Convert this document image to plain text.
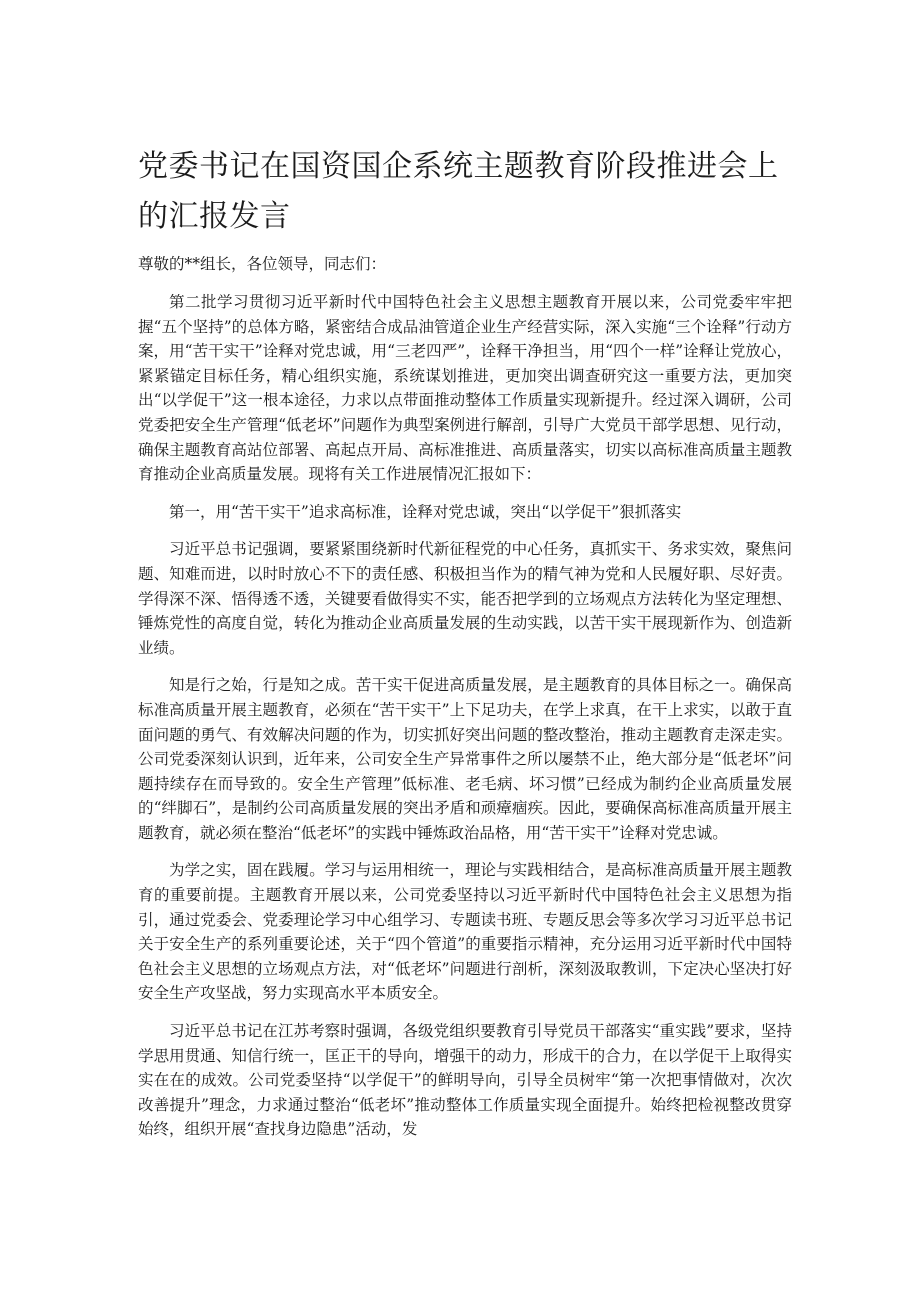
党委书记在国资国企系统主题教育阶段推进会上的汇报发言

尊敬的**组长，各位领导，同志们：

第二批学习贯彻习近平新时代中国特色社会主义思想主题教育开展以来，公司党委牢牢把握“五个坚持”的总体方略，紧密结合成品油管道企业生产经营实际，深入实施“三个诠释”行动方案，用“苦干实干”诠释对党忠诚，用“三老四严”，诠释干净担当，用“四个一样”诠释让党放心，紧紧锚定目标任务，精心组织实施，系统谋划推进，更加突出调查研究这一重要方法，更加突出“以学促干”这一根本途径，力求以点带面推动整体工作质量实现新提升。经过深入调研，公司党委把安全生产管理“低老坏”问题作为典型案例进行解剖，引导广大党员干部学思想、见行动，确保主题教育高站位部署、高起点开局、高标准推进、高质量落实，切实以高标准高质量主题教育推动企业高质量发展。现将有关工作进展情况汇报如下：

第一，用“苦干实干”追求高标准，诠释对党忠诚，突出“以学促干”狠抓落实

习近平总书记强调，要紧紧围绕新时代新征程党的中心任务，真抓实干、务求实效，聚焦问题、知难而进，以时时放心不下的责任感、积极担当作为的精气神为党和人民履好职、尽好责。学得深不深、悟得透不透，关键要看做得实不实，能否把学到的立场观点方法转化为坚定理想、锤炼党性的高度自觉，转化为推动企业高质量发展的生动实践，以苦干实干展现新作为、创造新业绩。

知是行之始，行是知之成。苦干实干促进高质量发展，是主题教育的具体目标之一。确保高标准高质量开展主题教育，必须在“苦干实干”上下足功夫，在学上求真，在干上求实，以敢于直面问题的勇气、有效解决问题的作为，切实抓好突出问题的整改整治，推动主题教育走深走实。公司党委深刻认识到，近年来，公司安全生产异常事件之所以屡禁不止，绝大部分是“低老坏”问题持续存在而导致的。安全生产管理”低标准、老毛病、坏习惯”已经成为制约企业高质量发展的“绊脚石”，是制约公司高质量发展的突出矛盾和顽瘴痼疾。因此，要确保高标准高质量开展主题教育，就必须在整治“低老坏”的实践中锤炼政治品格，用“苦干实干”诠释对党忠诚。

为学之实，固在践履。学习与运用相统一，理论与实践相结合，是高标准高质量开展主题教育的重要前提。主题教育开展以来，公司党委坚持以习近平新时代中国特色社会主义思想为指引，通过党委会、党委理论学习中心组学习、专题读书班、专题反思会等多次学习习近平总书记关于安全生产的系列重要论述，关于“四个管道”的重要指示精神，充分运用习近平新时代中国特色社会主义思想的立场观点方法，对“低老坏”问题进行剖析，深刻汲取教训，下定决心坚决打好安全生产攻坚战，努力实现高水平本质安全。

习近平总书记在江苏考察时强调，各级党组织要教育引导党员干部落实“重实践”要求，坚持学思用贯通、知信行统一，匡正干的导向，增强干的动力，形成干的合力，在以学促干上取得实实在在的成效。公司党委坚持“以学促干”的鲜明导向，引导全员树牢“第一次把事情做对，次次改善提升”理念，力求通过整治“低老坏”推动整体工作质量实现全面提升。始终把检视整改贯穿始终，组织开展“查找身边隐患”活动，发
